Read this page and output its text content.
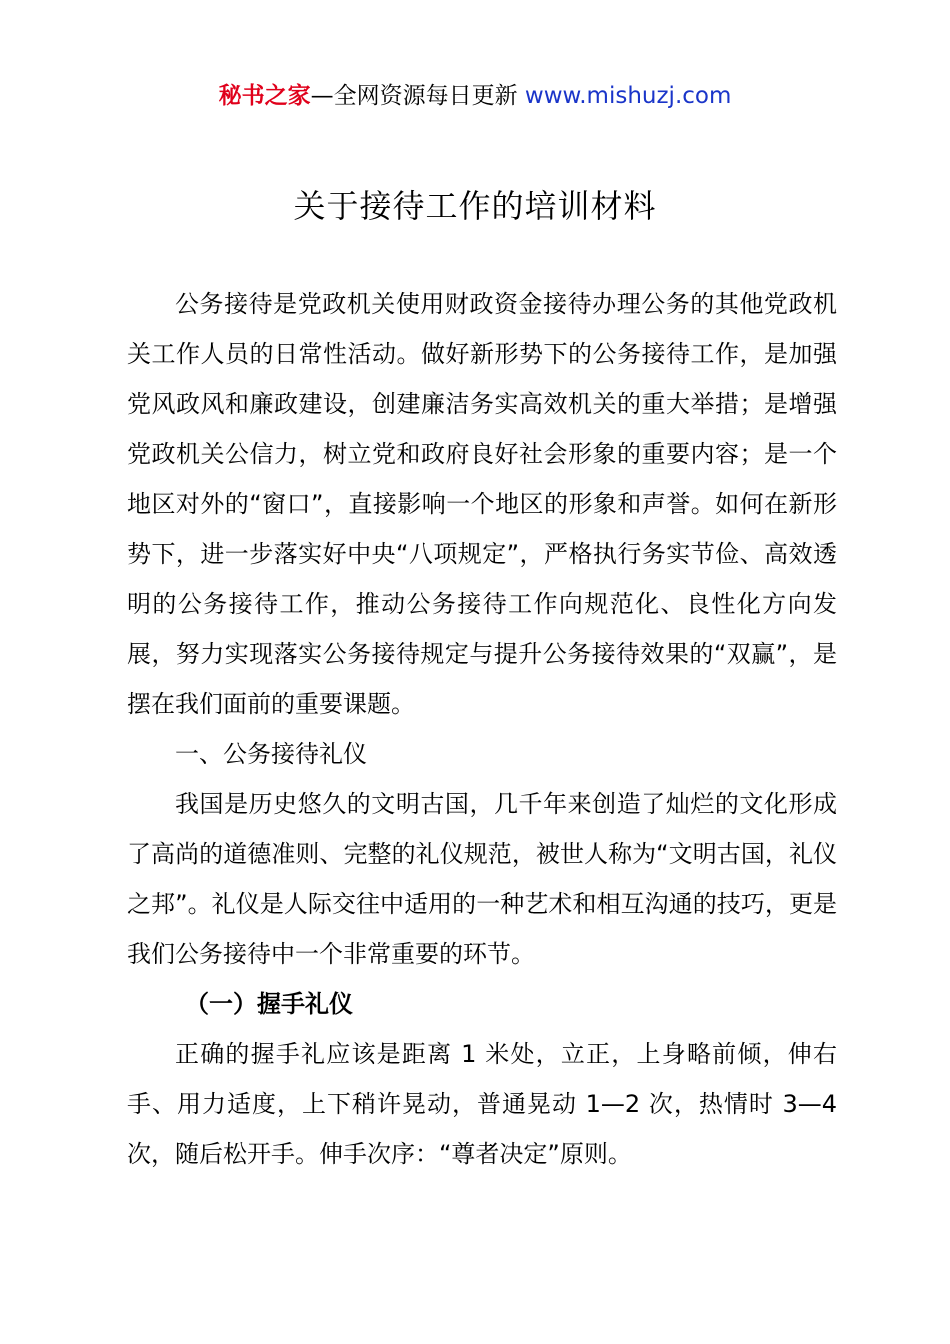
秘书之家—全网资源每日更新 www.mishuzj.com
关于接待工作的培训材料

公务接待是党政机关使用财政资金接待办理公务的其他党政机关工作人员的日常性活动。做好新形势下的公务接待工作，是加强党风政风和廉政建设，创建廉洁务实高效机关的重大举措；是增强党政机关公信力，树立党和政府良好社会形象的重要内容；是一个地区对外的“窗口”，直接影响一个地区的形象和声誉。如何在新形势下，进一步落实好中央“八项规定”，严格执行务实节俭、高效透明的公务接待工作，推动公务接待工作向规范化、良性化方向发展，努力实现落实公务接待规定与提升公务接待效果的“双赢”，是摆在我们面前的重要课题。

一、公务接待礼仪

我国是历史悠久的文明古国，几千年来创造了灿烂的文化形成了高尚的道德准则、完整的礼仪规范，被世人称为“文明古国，礼仪之邦”。礼仪是人际交往中适用的一种艺术和相互沟通的技巧，更是我们公务接待中一个非常重要的环节。

（一）握手礼仪

正确的握手礼应该是距离 1 米处，立正，上身略前倾，伸右手、用力适度，上下稍许晃动，普通晃动 1—2 次，热情时 3—4 次，随后松开手。伸手次序：“尊者决定”原则。
